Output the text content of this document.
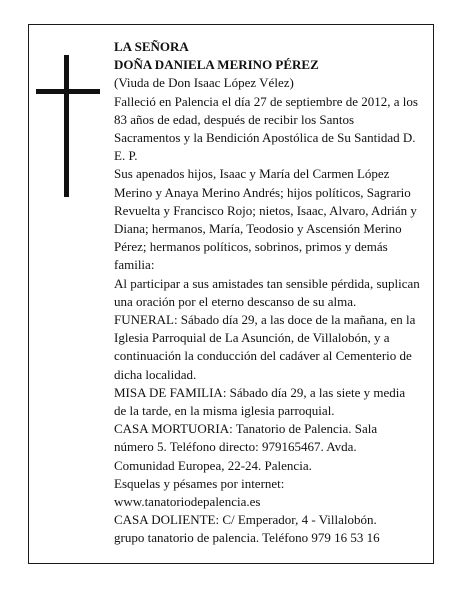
LA SEÑORA

DOÑA DANIELA MERINO PÉREZ

(Viuda de Don Isaac López Vélez)

Falleció en Palencia el día 27 de septiembre de 2012, a los 83 años de edad, después de recibir los Santos Sacramentos y la Bendición Apostólica de Su Santidad D. E. P.

Sus apenados hijos, Isaac y María del Carmen López Merino y Anaya Merino Andrés; hijos políticos, Sagrario Revuelta y Francisco Rojo; nietos, Isaac, Alvaro, Adrián y Diana; hermanos, María, Teodosio y Ascensión Merino Pérez; hermanos políticos, sobrinos, primos y demás familia:

Al participar a sus amistades tan sensible pérdida, suplican una oración por el eterno descanso de su alma.

FUNERAL: Sábado día 29, a las doce de la mañana, en la Iglesia Parroquial de La Asunción, de Villalobón, y a continuación la conducción del cadáver al Cementerio de dicha localidad.

MISA DE FAMILIA: Sábado día 29, a las siete y media de la tarde, en la misma iglesia parroquial.

CASA MORTUORIA: Tanatorio de Palencia. Sala número 5. Teléfono directo: 979165467. Avda. Comunidad Europea, 22-24. Palencia.

Esquelas y pésames por internet:

www.tanatoriodepalencia.es

CASA DOLIENTE: C/ Emperador, 4 - Villalobón.

grupo tanatorio de palencia. Teléfono 979 16 53 16
